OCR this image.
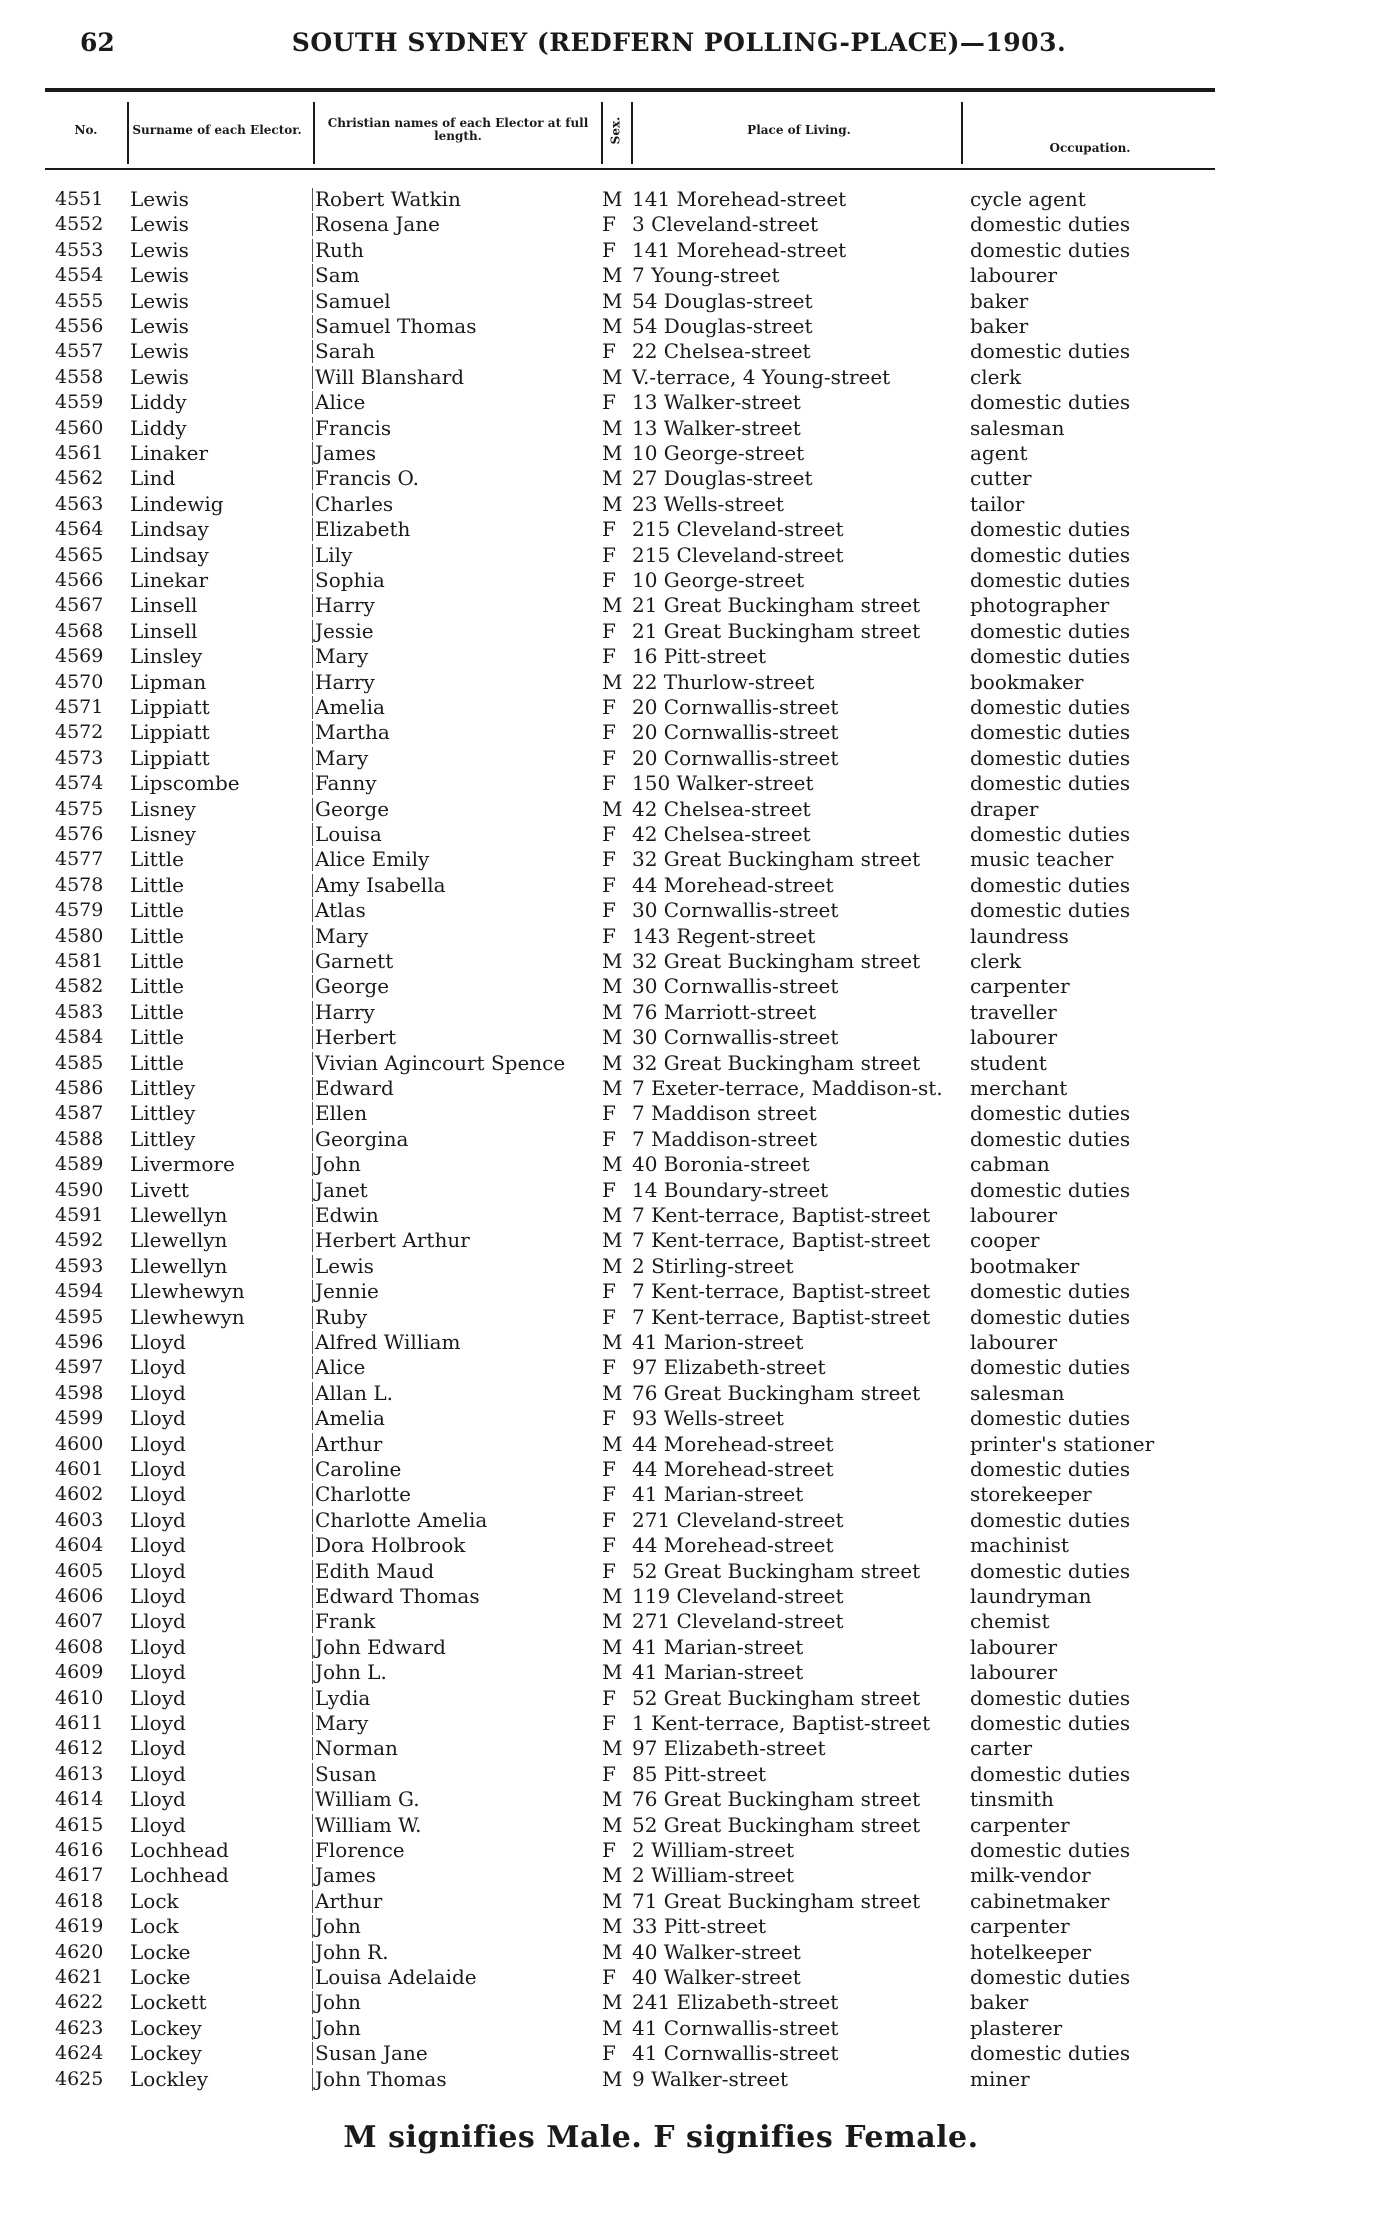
62	SOUTH SYDNEY (REDFERN POLLING-PLACE)—1903.
No.	Surname of each Elector.	Christian names of each Elector at full length.	Sex.	Place of Living.
Occupation.
4551 Lewis	Robert Watkin	M 141 Morehead-street	cycle agent
4552 Lewis	Rosena Jane	F 3 Cleveland-street	domestic duties
4553 Lewis	Ruth	F 141 Morehead-street	domestic duties
4554 Lewis	Sam	M 7 Young-street	labourer
4555 Lewis	Samuel	M 54 Douglas-street	baker
4556 Lewis	Samuel Thomas	M 54 Douglas-street	baker
4557 Lewis	Sarah	F 22 Chelsea-street	domestic duties
4558 Lewis	Will Blanshard	M V.-terrace, 4 Young-street	clerk
4559 Liddy	Alice	F 13 Walker-street	domestic duties
4560 Liddy	Francis	M 13 Walker-street	salesman
4561 Linaker	James	M 10 George-street	agent
4562 Lind	Francis O.	M 27 Douglas-street	cutter
4563 Lindewig	Charles	M 23 Wells-street	tailor
4564 Lindsay	Elizabeth	F 215 Cleveland-street	domestic duties
4565 Lindsay	Lily	F 215 Cleveland-street	domestic duties
4566 Linekar	Sophia	F 10 George-street	domestic duties
4567 Linsell	Harry	M 21 Great Buckingham street photographer
4568 Linsell	Jessie	F 21 Great Buckingham street domestic duties
4569 Linsley	Mary	F 16 Pitt-street	domestic duties
4570 Lipman	Harry	M 22 Thurlow-street	bookmaker
4571 Lippiatt	Amelia	F 20 Cornwallis-street	domestic duties
4572 Lippiatt	Martha	F 20 Cornwallis-street	domestic duties
4573 Lippiatt	Mary	F 20 Cornwallis-street	domestic duties
4574 Lipscombe	Fanny	F 150 Walker-street	domestic duties
4575 Lisney	George	M 42 Chelsea-street	draper
4576 Lisney	Louisa	F 42 Chelsea-street	domestic duties
4577 Little	Alice Emily	F 32 Great Buckingham street music teacher
4578 Little	Amy Isabella	F 44 Morehead-street	domestic duties
4579 Little	Atlas	F 30 Cornwallis-street	domestic duties
4580 Little	Mary	F 143 Regent-street	laundress
4581 Little	Garnett	M 32 Great Buckingham street clerk
4582 Little	George	M 30 Cornwallis-street	carpenter
4583 Little	Harry	M 76 Marriott-street	traveller
4584 Little	Herbert	M 30 Cornwallis-street	labourer
4585 Little	Vivian Agincourt Spence M 32 Great Buckingham street student
4586 Littley	Edward	M 7 Exeter-terrace, Maddison-st. merchant
4587 Littley	Ellen	F 7 Maddison street	domestic duties
4588 Littley	Georgina	F 7 Maddison-street	domestic duties
4589 Livermore	John	M 40 Boronia-street	cabman
4590 Livett	Janet	F 14 Boundary-street	domestic duties
4591 Llewellyn	Edwin	M 7 Kent-terrace, Baptist-street labourer
4592 Llewellyn	Herbert Arthur	M 7 Kent-terrace, Baptist-street cooper
4593 Llewellyn	Lewis	M 2 Stirling-street	bootmaker
4594 Llewhewyn	Jennie	F 7 Kent-terrace, Baptist-street domestic duties
4595 Llewhewyn	Ruby	F 7 Kent-terrace, Baptist-street domestic duties
4596 Lloyd	Alfred William	M 41 Marion-street	labourer
4597 Lloyd	Alice	F 97 Elizabeth-street	domestic duties
4598 Lloyd	Allan L.	M 76 Great Buckingham street salesman
4599 Lloyd	Amelia	F 93 Wells-street	domestic duties
4600 Lloyd	Arthur	M 44 Morehead-street	printer's stationer
4601 Lloyd	Caroline	F 44 Morehead-street	domestic duties
4602 Lloyd	Charlotte	F 41 Marian-street	storekeeper
4603 Lloyd	Charlotte Amelia	F 271 Cleveland-street	domestic duties
4604 Lloyd	Dora Holbrook	F 44 Morehead-street	machinist
4605 Lloyd	Edith Maud	F 52 Great Buckingham street domestic duties
4606 Lloyd	Edward Thomas	M 119 Cleveland-street	laundryman
4607 Lloyd	Frank	M 271 Cleveland-street	chemist
4608 Lloyd	John Edward	M 41 Marian-street	labourer
4609 Lloyd	John L.	M 41 Marian-street	labourer
4610 Lloyd	Lydia	F 52 Great Buckingham street domestic duties
4611 Lloyd	Mary	F 1 Kent-terrace, Baptist-street domestic duties
4612 Lloyd	Norman	M 97 Elizabeth-street	carter
4613 Lloyd	Susan	F 85 Pitt-street	domestic duties
4614 Lloyd	William G.	M 76 Great Buckingham street tinsmith
4615 Lloyd	William W.	M 52 Great Buckingham street carpenter
4616 Lochhead	Florence	F 2 William-street	domestic duties
4617 Lochhead	James	M 2 William-street	milk-vendor
4618 Lock	Arthur	M 71 Great Buckingham street cabinetmaker
4619 Lock	John	M 33 Pitt-street	carpenter
4620 Locke	John R.	M 40 Walker-street	hotelkeeper
4621 Locke	Louisa Adelaide	F 40 Walker-street	domestic duties
4622 Lockett	John	M 241 Elizabeth-street	baker
4623 Lockey	John	M 41 Cornwallis-street	plasterer
4624 Lockey	Susan Jane	F 41 Cornwallis-street	domestic duties
4625 Lockley	John Thomas	M 9 Walker-street	miner
M signifies Male. F signifies Female.
